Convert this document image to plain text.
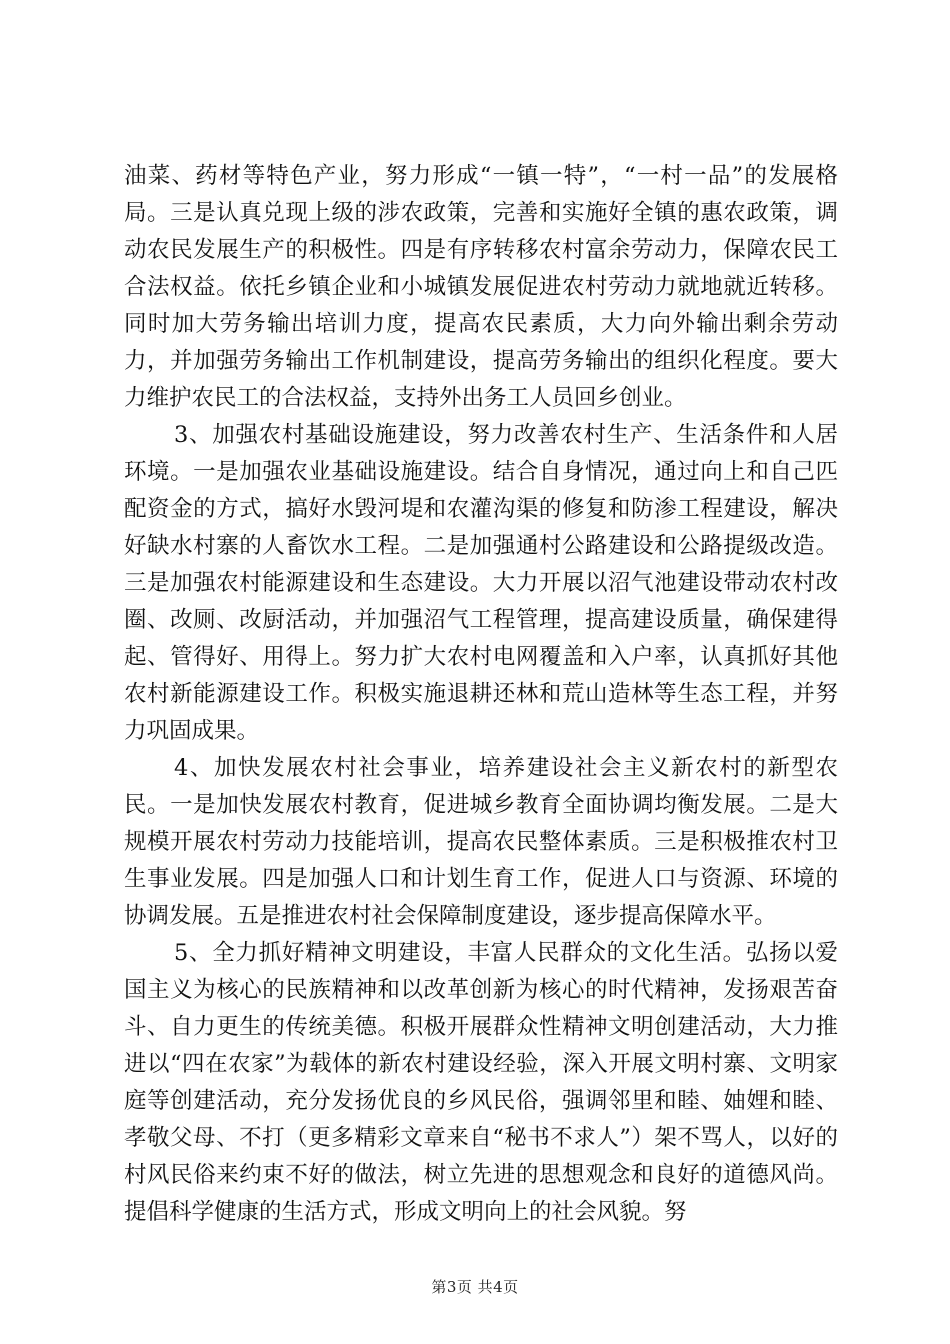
油菜、药材等特色产业，努力形成“一镇一特”，“一村一品”的发展格局。三是认真兑现上级的涉农政策，完善和实施好全镇的惠农政策，调动农民发展生产的积极性。四是有序转移农村富余劳动力，保障农民工合法权益。依托乡镇企业和小城镇发展促进农村劳动力就地就近转移。同时加大劳务输出培训力度，提高农民素质，大力向外输出剩余劳动力，并加强劳务输出工作机制建设，提高劳务输出的组织化程度。要大力维护农民工的合法权益，支持外出务工人员回乡创业。

3、加强农村基础设施建设，努力改善农村生产、生活条件和人居环境。一是加强农业基础设施建设。结合自身情况，通过向上和自己匹配资金的方式，搞好水毁河堤和农灌沟渠的修复和防渗工程建设，解决好缺水村寨的人畜饮水工程。二是加强通村公路建设和公路提级改造。三是加强农村能源建设和生态建设。大力开展以沼气池建设带动农村改圈、改厕、改厨活动，并加强沼气工程管理，提高建设质量，确保建得起、管得好、用得上。努力扩大农村电网覆盖和入户率，认真抓好其他农村新能源建设工作。积极实施退耕还林和荒山造林等生态工程，并努力巩固成果。

4、加快发展农村社会事业，培养建设社会主义新农村的新型农民。一是加快发展农村教育，促进城乡教育全面协调均衡发展。二是大规模开展农村劳动力技能培训，提高农民整体素质。三是积极推农村卫生事业发展。四是加强人口和计划生育工作，促进人口与资源、环境的协调发展。五是推进农村社会保障制度建设，逐步提高保障水平。

5、全力抓好精神文明建设，丰富人民群众的文化生活。弘扬以爱国主义为核心的民族精神和以改革创新为核心的时代精神，发扬艰苦奋斗、自力更生的传统美德。积极开展群众性精神文明创建活动，大力推进以“四在农家”为载体的新农村建设经验，深入开展文明村寨、文明家庭等创建活动，充分发扬优良的乡风民俗，强调邻里和睦、妯娌和睦、孝敬父母、不打（更多精彩文章来自“秘书不求人”）架不骂人，以好的村风民俗来约束不好的做法，树立先进的思想观念和良好的道德风尚。提倡科学健康的生活方式，形成文明向上的社会风貌。努

第3页 共4页
